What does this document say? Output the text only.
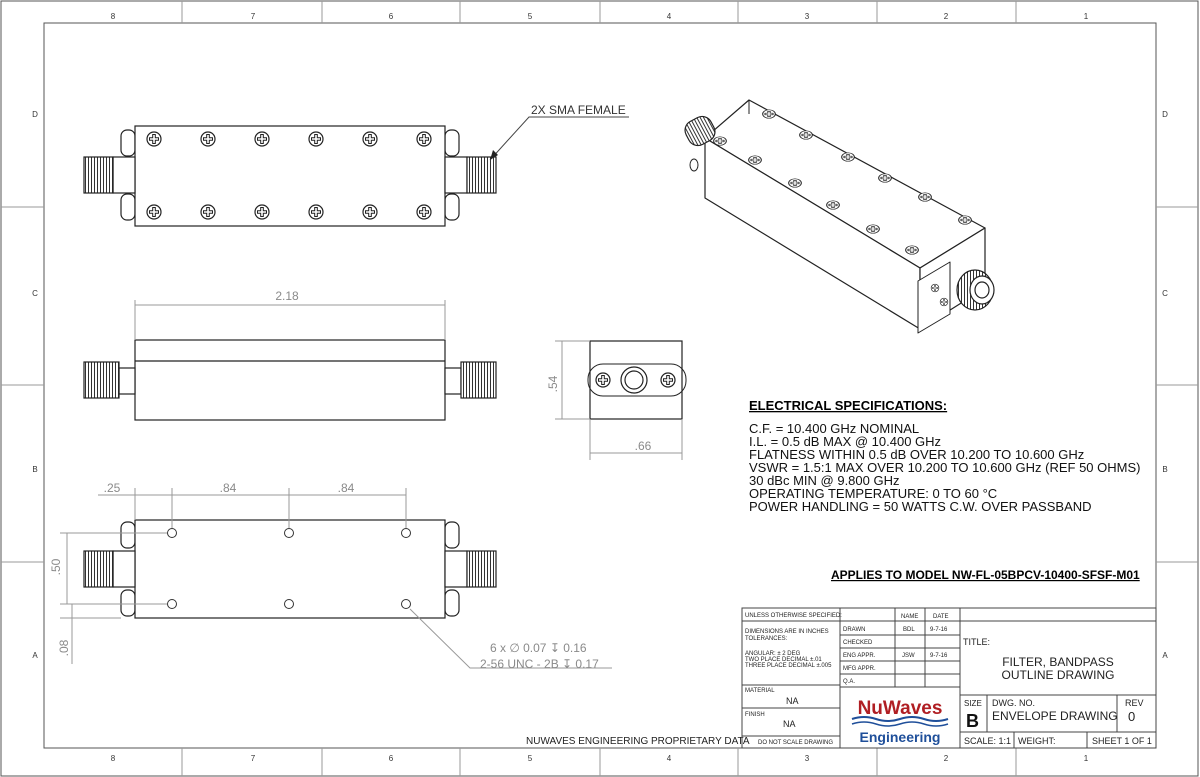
8	7	6	5	4	3	2	1
8	7	6	5	4	3	2	1
D
C
B
A
D
C
B
A
2X SMA FEMALE
2.18
.54
.66
.25	.84	.84
.50
.08	6 x ∅ 0.07 ↧ 0.16
2-56 UNC - 2B ↧ 0.17
ELECTRICAL SPECIFICATIONS:
C.F. = 10.400 GHz NOMINAL
I.L. = 0.5 dB MAX @ 10.400 GHz
FLATNESS WITHIN 0.5 dB OVER 10.200 TO 10.600 GHz
VSWR = 1.5:1 MAX OVER 10.200 TO 10.600 GHz (REF 50 OHMS)
30 dBc MIN @ 9.800 GHz
OPERATING TEMPERATURE: 0 TO 60 °C
POWER HANDLING = 50 WATTS C.W. OVER PASSBAND
APPLIES TO MODEL NW-FL-05BPCV-10400-SFSF-M01
NUWAVES ENGINEERING PROPRIETARY DATA
UNLESS OTHERWISE SPECIFIED:
DIMENSIONS ARE IN INCHES
TOLERANCES:
ANGULAR: ± 2 DEG
TWO PLACE DECIMAL ±.01
THREE PLACE DECIMAL ±.005
MATERIAL
NA
FINISH
NA
DO NOT SCALE DRAWING
NAME DATE
DRAWN	BDL	9-7-16
CHECKED
ENG APPR.	JSW	9-7-16
MFG APPR.
Q.A.
NuWaves
Engineering
TITLE:
FILTER, BANDPASS
OUTLINE DRAWING
SIZE
B
DWG. NO.
ENVELOPE DRAWING
REV
0
SCALE: 1:1 WEIGHT:	SHEET 1 OF 1
